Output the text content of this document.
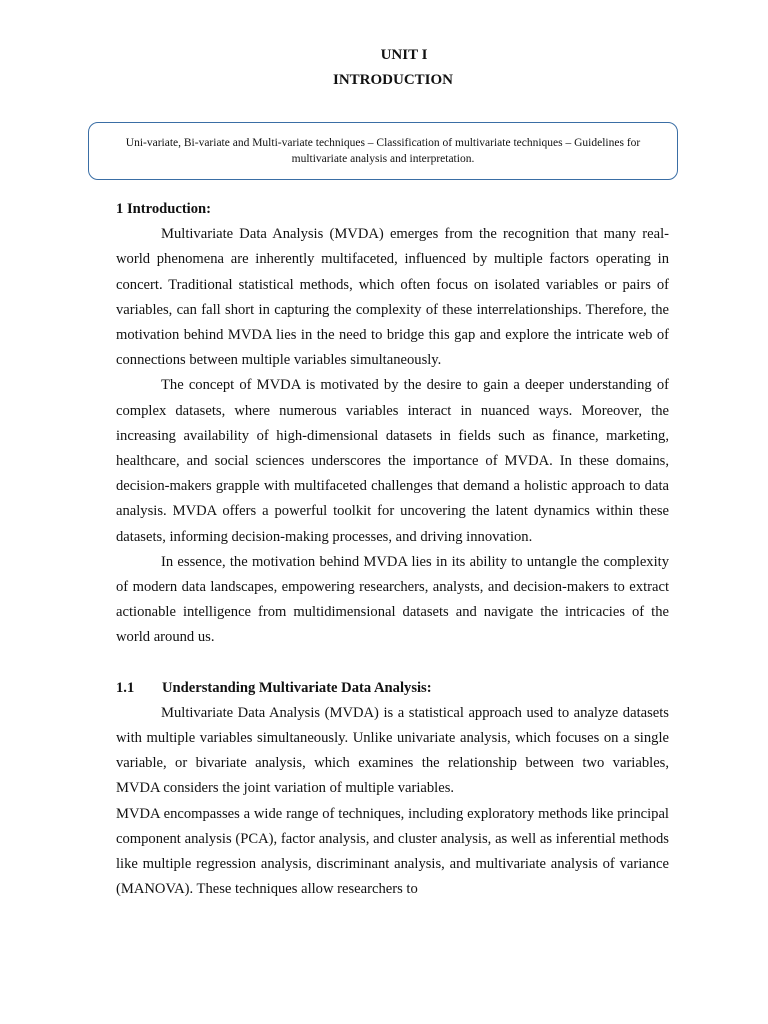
UNIT I
INTRODUCTION
Uni-variate, Bi-variate and Multi-variate techniques – Classification of multivariate techniques – Guidelines for multivariate analysis and interpretation.
1 Introduction:

Multivariate Data Analysis (MVDA) emerges from the recognition that many real-world phenomena are inherently multifaceted, influenced by multiple factors operating in concert. Traditional statistical methods, which often focus on isolated variables or pairs of variables, can fall short in capturing the complexity of these interrelationships. Therefore, the motivation behind MVDA lies in the need to bridge this gap and explore the intricate web of connections between multiple variables simultaneously.

The concept of MVDA is motivated by the desire to gain a deeper understanding of complex datasets, where numerous variables interact in nuanced ways. Moreover, the increasing availability of high-dimensional datasets in fields such as finance, marketing, healthcare, and social sciences underscores the importance of MVDA. In these domains, decision-makers grapple with multifaceted challenges that demand a holistic approach to data analysis. MVDA offers a powerful toolkit for uncovering the latent dynamics within these datasets, informing decision-making processes, and driving innovation.

In essence, the motivation behind MVDA lies in its ability to untangle the complexity of modern data landscapes, empowering researchers, analysts, and decision-makers to extract actionable intelligence from multidimensional datasets and navigate the intricacies of the world around us.

1.1	Understanding Multivariate Data Analysis:

Multivariate Data Analysis (MVDA) is a statistical approach used to analyze datasets with multiple variables simultaneously. Unlike univariate analysis, which focuses on a single variable, or bivariate analysis, which examines the relationship between two variables, MVDA considers the joint variation of multiple variables.

MVDA encompasses a wide range of techniques, including exploratory methods like principal component analysis (PCA), factor analysis, and cluster analysis, as well as inferential methods like multiple regression analysis, discriminant analysis, and multivariate analysis of variance (MANOVA). These techniques allow researchers to
